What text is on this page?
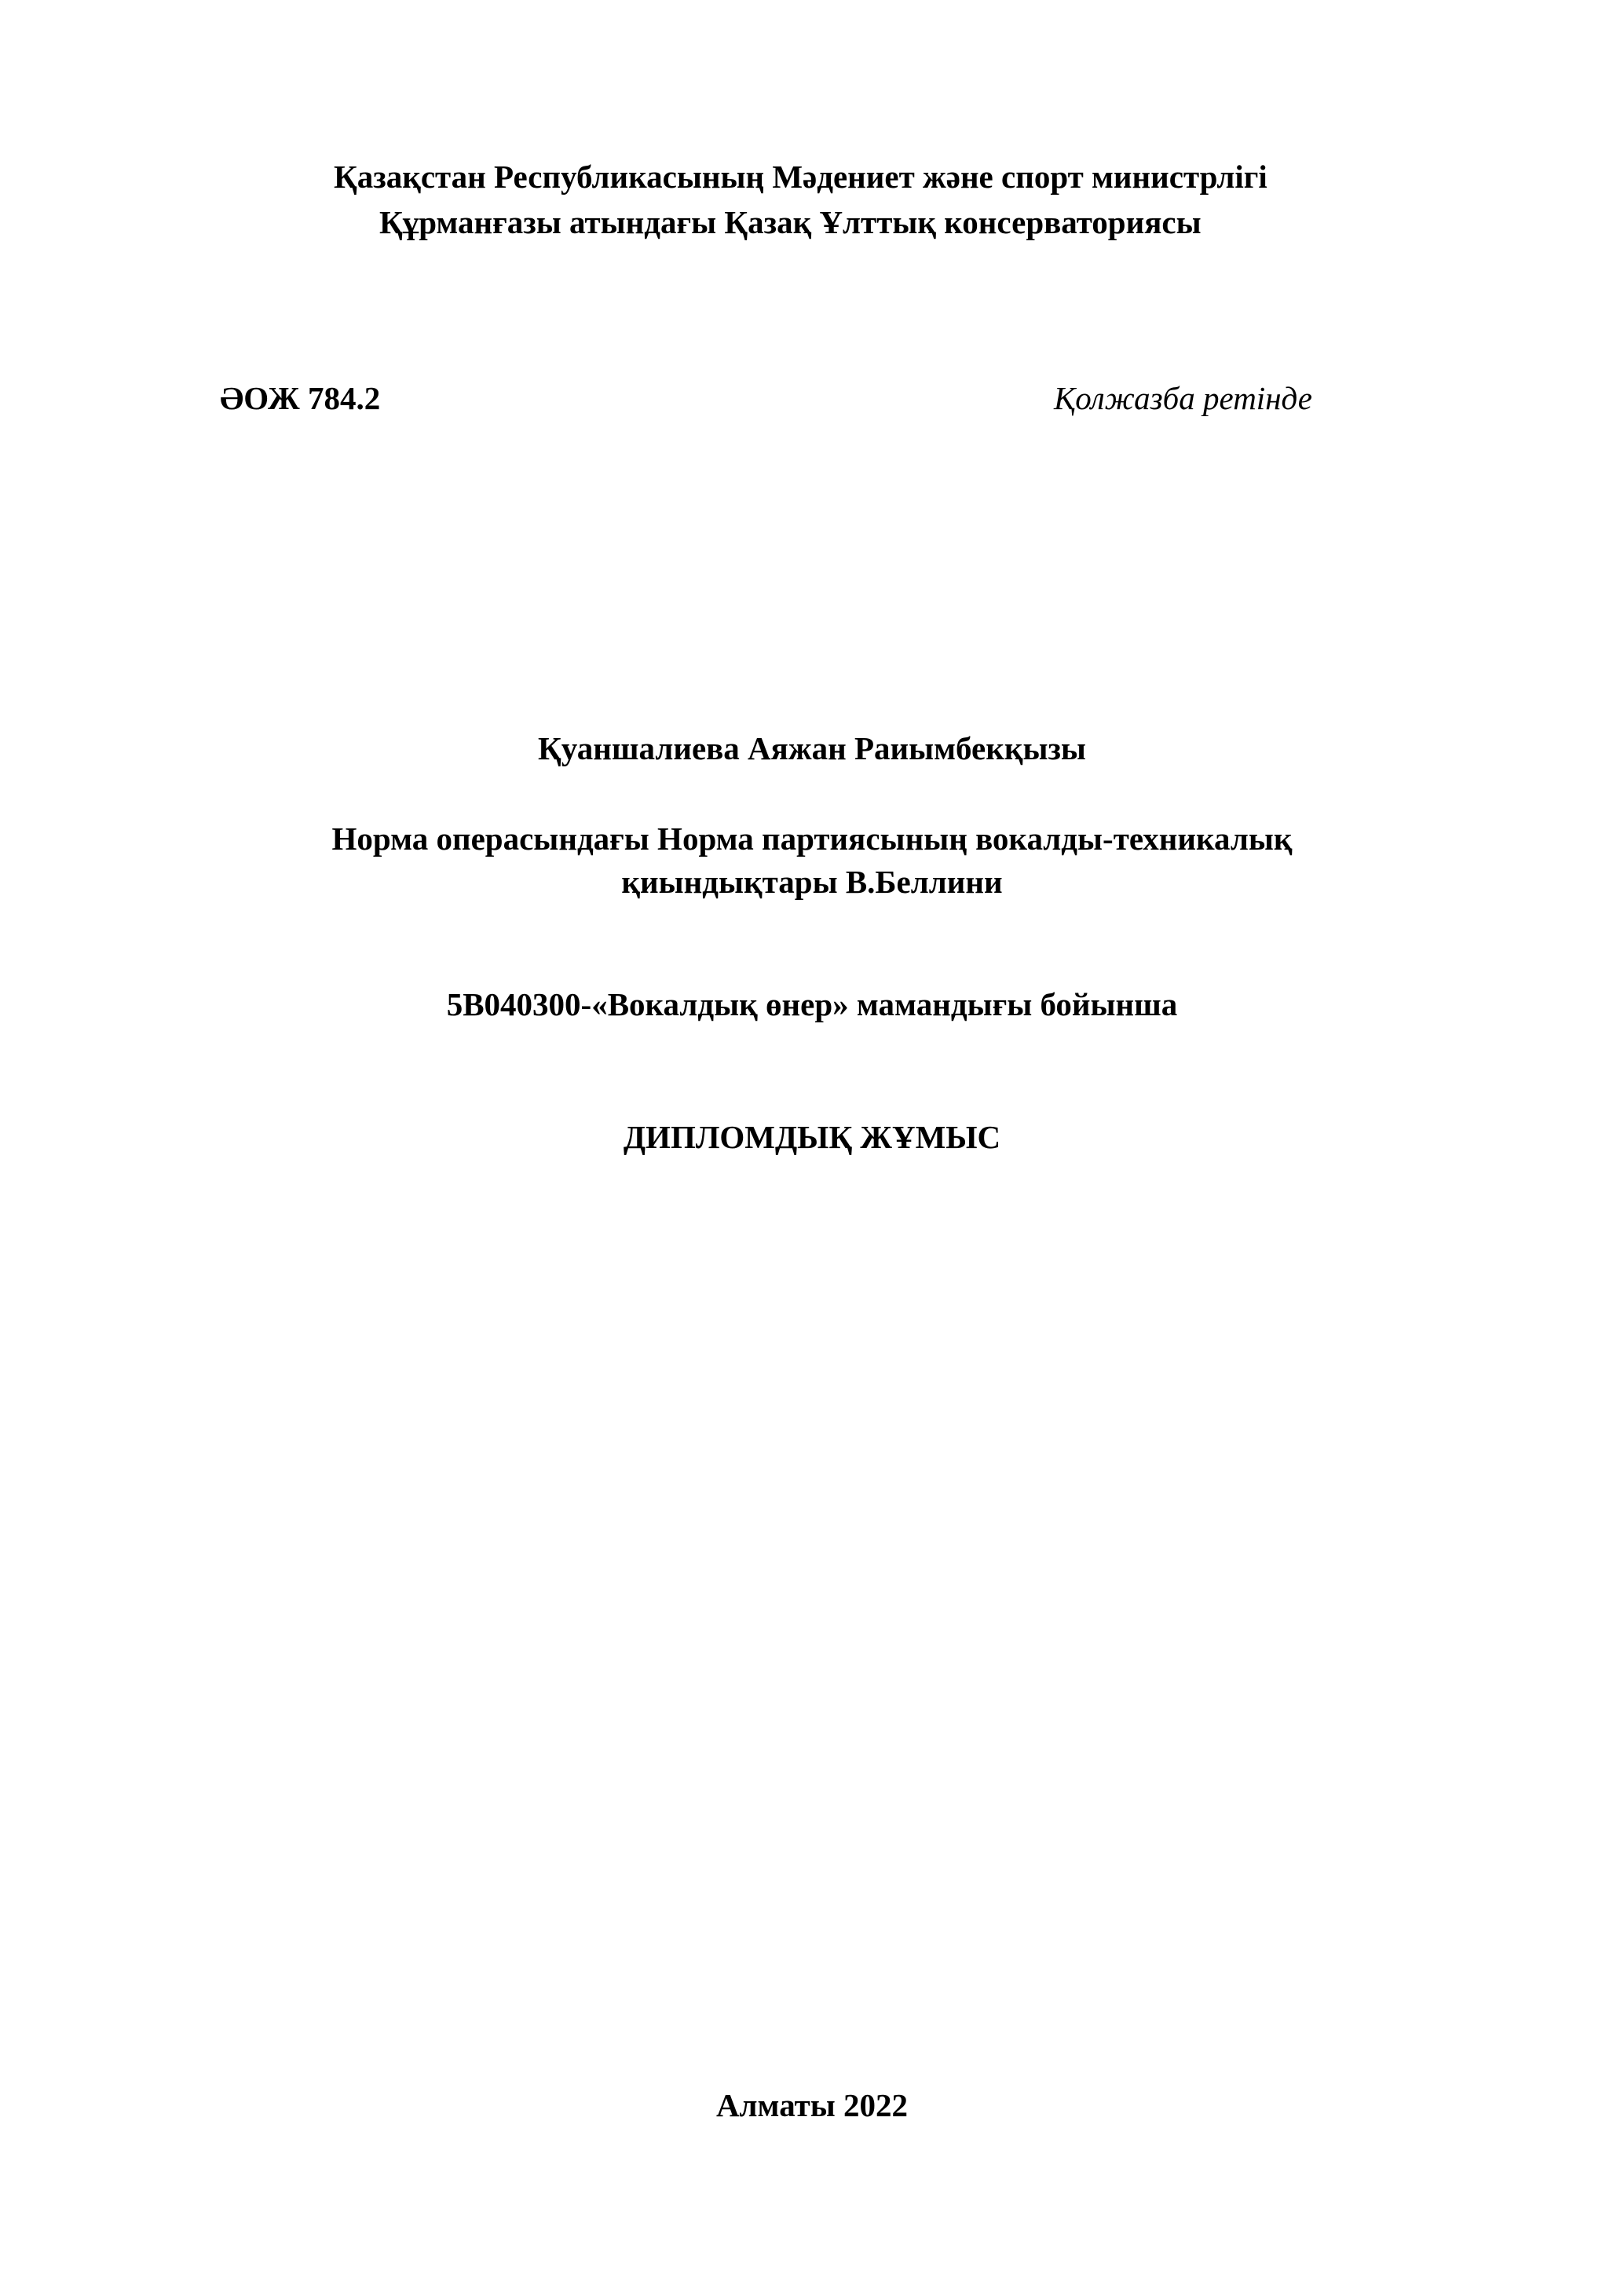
Қазақстан Республикасының Мәдениет және спорт министрлігі

Құрманғазы атындағы Қазақ Ұлттық консерваториясы

ӘОЖ 784.2	Қолжазба ретінде

Қуаншалиева Аяжан Раиымбекқызы

Норма операсындағы Норма партиясының вокалды-техникалық

қиындықтары В.Беллини

5В040300-«Вокалдық өнер» мамандығы бойынша

ДИПЛОМДЫҚ ЖҰМЫС

Алматы 2022
